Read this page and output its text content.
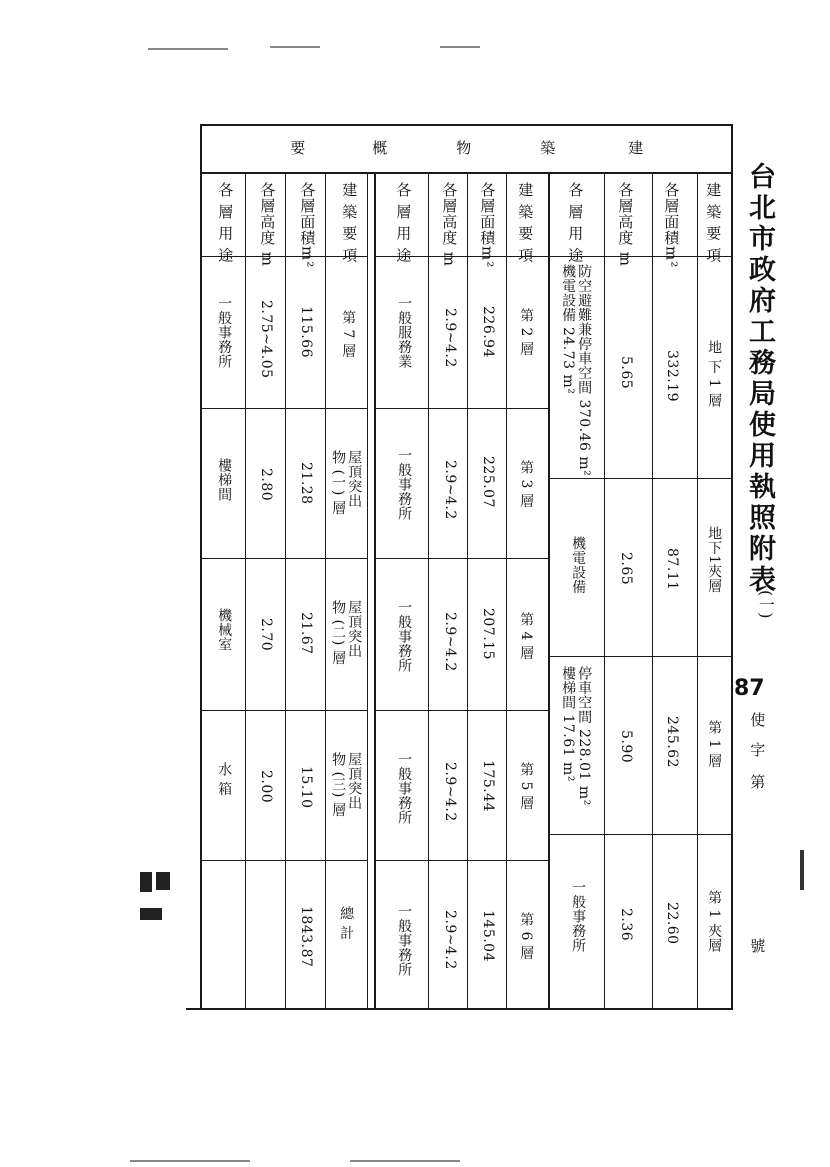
台北市政府工務局使用執照附表
(一)
87
使
字
第
號
建
築
物
概
要
建 築 要 項
各層面積m²
各層高度 m
各 層 用 途
地 下 1 層
332.19
5.65
防空避難兼停車空間 370.46 m²
機電設備 24.73 m²
地下1夾層
87.11
2.65
機電設備
第 1 層
245.62
5.90
停車空間 228.01 m²
樓梯間 17.61 m²
第 1 夾層
22.60
2.36
一般事務所
建 築 要 項
各層面積m²
各層高度 m
各 層 用 途
第 2 層
226.94
2.9~4.2
一般服務業
第 3 層
225.07
2.9~4.2
一般事務所
第 4 層
207.15
2.9~4.2
一般事務所
第 5 層
175.44
2.9~4.2
一般事務所
第 6 層
145.04
2.9~4.2
一般事務所
建 築 要 項
各層面積m²
各層高度 m
各 層 用 途
第 7 層
115.66
2.75~4.05
一般事務所
屋頂突出
物 (一) 層
21.28
2.80
樓梯間
屋頂突出
物 (二) 層
21.67
2.70
機械室
屋頂突出
物 (三) 層
15.10
2.00
水 箱
總 計
1843.87
